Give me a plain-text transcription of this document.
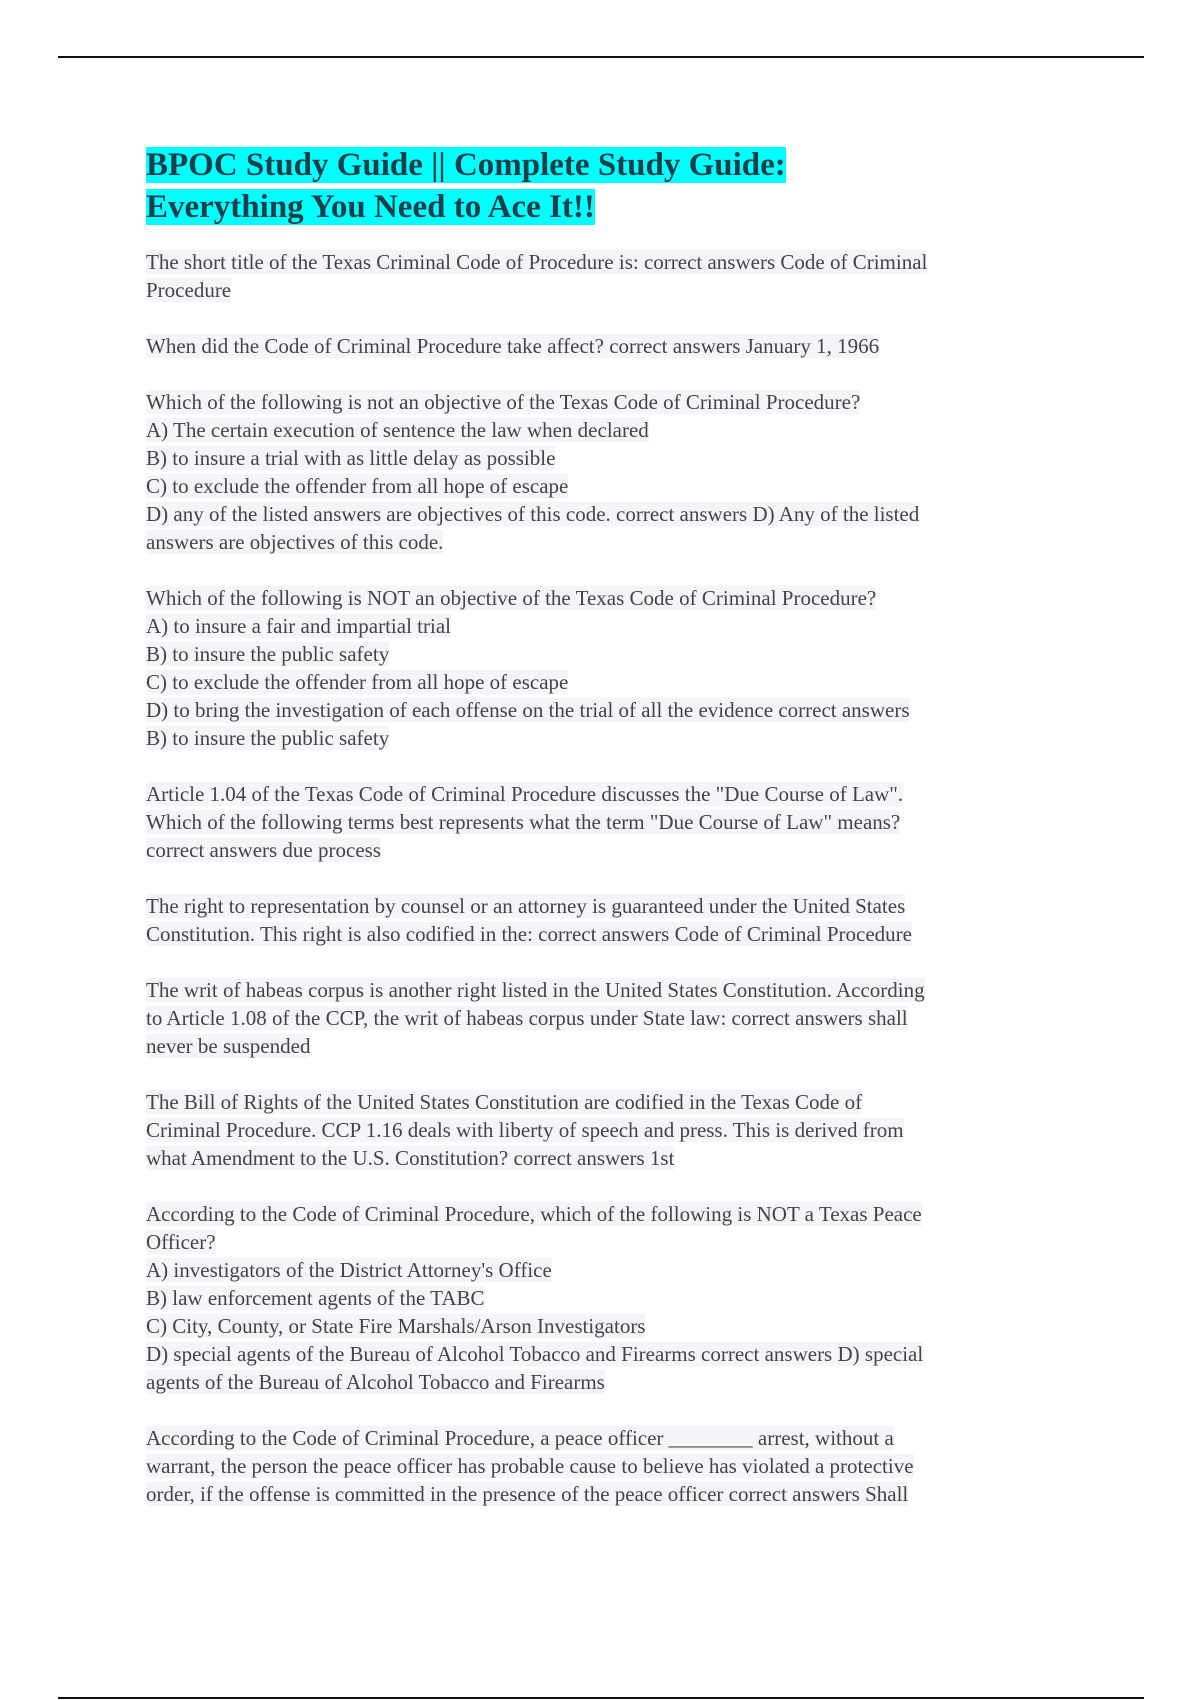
BPOC Study Guide || Complete Study Guide:
Everything You Need to Ace It!!
The short title of the Texas Criminal Code of Procedure is: correct answers Code of Criminal
Procedure
When did the Code of Criminal Procedure take affect? correct answers January 1, 1966
Which of the following is not an objective of the Texas Code of Criminal Procedure?
A) The certain execution of sentence the law when declared
B) to insure a trial with as little delay as possible
C) to exclude the offender from all hope of escape
D) any of the listed answers are objectives of this code. correct answers D) Any of the listed
answers are objectives of this code.
Which of the following is NOT an objective of the Texas Code of Criminal Procedure?
A) to insure a fair and impartial trial
B) to insure the public safety
C) to exclude the offender from all hope of escape
D) to bring the investigation of each offense on the trial of all the evidence correct answers
B) to insure the public safety
Article 1.04 of the Texas Code of Criminal Procedure discusses the "Due Course of Law".
Which of the following terms best represents what the term "Due Course of Law" means?
correct answers due process
The right to representation by counsel or an attorney is guaranteed under the United States
Constitution. This right is also codified in the: correct answers Code of Criminal Procedure
The writ of habeas corpus is another right listed in the United States Constitution. According
to Article 1.08 of the CCP, the writ of habeas corpus under State law: correct answers shall
never be suspended
The Bill of Rights of the United States Constitution are codified in the Texas Code of
Criminal Procedure. CCP 1.16 deals with liberty of speech and press. This is derived from
what Amendment to the U.S. Constitution? correct answers 1st
According to the Code of Criminal Procedure, which of the following is NOT a Texas Peace
Officer?
A) investigators of the District Attorney's Office
B) law enforcement agents of the TABC
C) City, County, or State Fire Marshals/Arson Investigators
D) special agents of the Bureau of Alcohol Tobacco and Firearms correct answers D) special
agents of the Bureau of Alcohol Tobacco and Firearms
According to the Code of Criminal Procedure, a peace officer ________ arrest, without a
warrant, the person the peace officer has probable cause to believe has violated a protective
order, if the offense is committed in the presence of the peace officer correct answers Shall
